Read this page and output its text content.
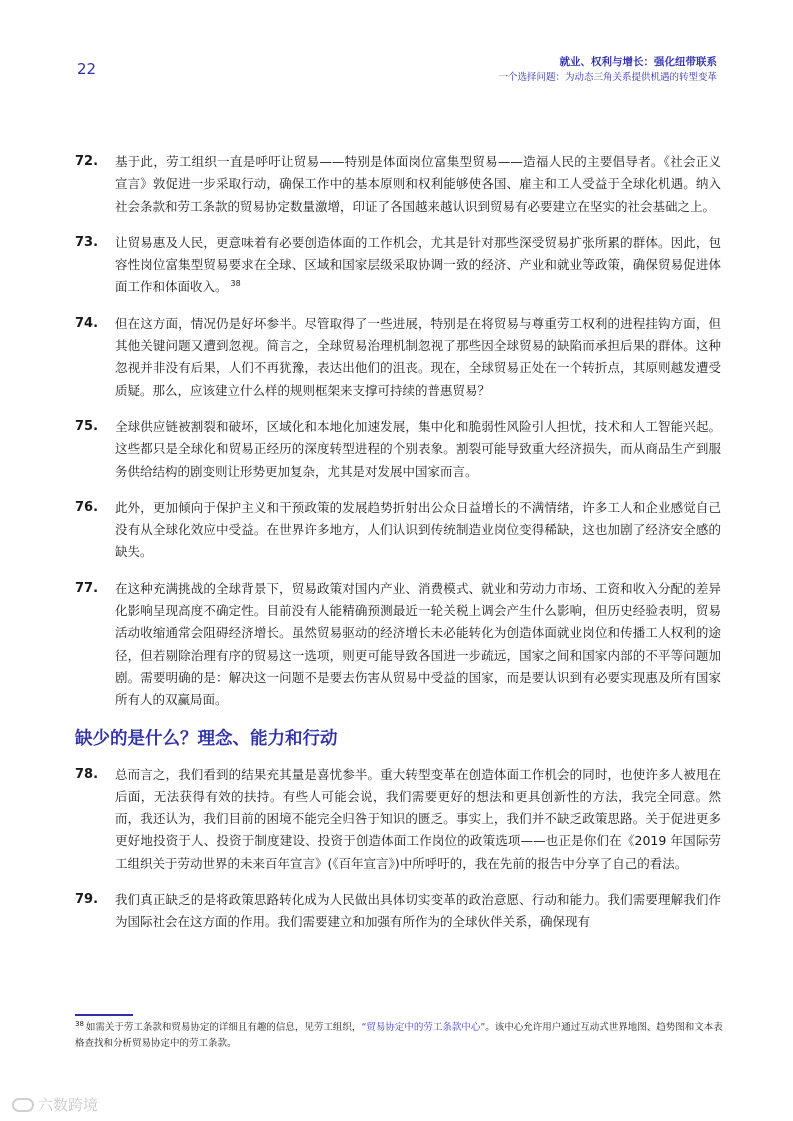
22	就业、权利与增长：强化纽带联系
一个选择问题：为动态三角关系提供机遇的转型变革
72.	基于此，劳工组织一直是呼吁让贸易——特别是体面岗位富集型贸易——造福人民的主要倡导者。《社会正义宣言》敦促进一步采取行动，确保工作中的基本原则和权利能够使各国、雇主和工人受益于全球化机遇。纳入社会条款和劳工条款的贸易协定数量激增，印证了各国越来越认识到贸易有必要建立在坚实的社会基础之上。
73.	让贸易惠及人民，更意味着有必要创造体面的工作机会，尤其是针对那些深受贸易扩张所累的群体。因此，包容性岗位富集型贸易要求在全球、区域和国家层级采取协调一致的经济、产业和就业等政策，确保贸易促进体面工作和体面收入。 $^{38}$
74.	但在这方面，情况仍是好坏参半。尽管取得了一些进展，特别是在将贸易与尊重劳工权利的进程挂钩方面，但其他关键问题又遭到忽视。简言之，全球贸易治理机制忽视了那些因全球贸易的缺陷而承担后果的群体。这种忽视并非没有后果，人们不再犹豫，表达出他们的沮丧。现在，全球贸易正处在一个转折点，其原则越发遭受质疑。那么，应该建立什么样的规则框架来支撑可持续的普惠贸易？
75.	全球供应链被割裂和破坏，区域化和本地化加速发展，集中化和脆弱性风险引人担忧，技术和人工智能兴起。这些都只是全球化和贸易正经历的深度转型进程的个别表象。割裂可能导致重大经济损失，而从商品生产到服务供给结构的剧变则让形势更加复杂，尤其是对发展中国家而言。
76.	此外，更加倾向于保护主义和干预政策的发展趋势折射出公众日益增长的不满情绪，许多工人和企业感觉自己没有从全球化效应中受益。在世界许多地方，人们认识到传统制造业岗位变得稀缺，这也加剧了经济安全感的缺失。
77.	在这种充满挑战的全球背景下，贸易政策对国内产业、消费模式、就业和劳动力市场、工资和收入分配的差异化影响呈现高度不确定性。目前没有人能精确预测最近一轮关税上调会产生什么影响，但历史经验表明，贸易活动收缩通常会阻碍经济增长。虽然贸易驱动的经济增长未必能转化为创造体面就业岗位和传播工人权利的途径，但若剔除治理有序的贸易这一选项，则更可能导致各国进一步疏远，国家之间和国家内部的不平等问题加剧。需要明确的是：解决这一问题不是要去伤害从贸易中受益的国家，而是要认识到有必要实现惠及所有国家所有人的双赢局面。
缺少的是什么？理念、能力和行动
78.	总而言之，我们看到的结果充其量是喜忧参半。重大转型变革在创造体面工作机会的同时，也使许多人被甩在后面，无法获得有效的扶持。有些人可能会说，我们需要更好的想法和更具创新性的方法，我完全同意。然而，我还认为，我们目前的困境不能完全归咎于知识的匮乏。事实上，我们并不缺乏政策思路。关于促进更多更好地投资于人、投资于制度建设、投资于创造体面工作岗位的政策选项——也正是你们在《2019 年国际劳工组织关于劳动世界的未来百年宣言》(《百年宣言》)中所呼吁的，我在先前的报告中分享了自己的看法。
79.	我们真正缺乏的是将政策思路转化成为人民做出具体切实变革的政治意愿、行动和能力。我们需要理解我们作为国际社会在这方面的作用。我们需要建立和加强有所作为的全球伙伴关系，确保现有
$^{38}$ 如需关于劳工条款和贸易协定的详细且有趣的信息，见劳工组织，“贸易协定中的劳工条款中心”。该中心允许用户通过互动式世界地图、趋势图和文本表格查找和分析贸易协定中的劳工条款。
六数跨境
